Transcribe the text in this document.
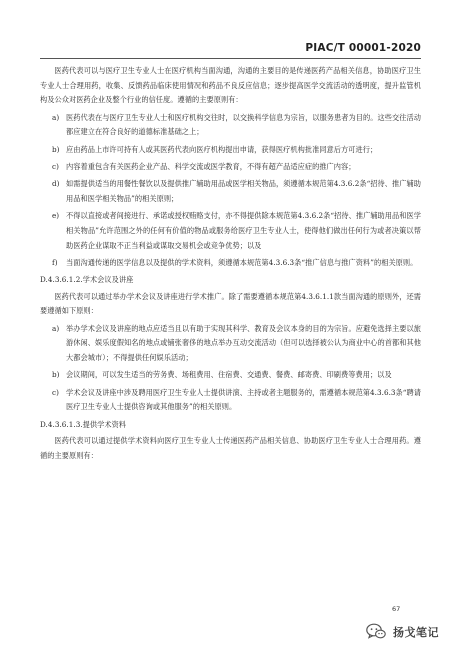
PIAC/T 00001-2020
医药代表可以与医疗卫生专业人士在医疗机构当面沟通，沟通的主要目的是传递医药产品相关信息，协助医疗卫生专业人士合理用药，收集、反馈药品临床使用情况和药品不良反应信息；逐步提高医学交流活动的透明度，提升监管机构及公众对医药企业及整个行业的信任度。遵循的主要原则有：
a) 医药代表在与医疗卫生专业人士和医疗机构交往时，以交换科学信息为宗旨，以服务患者为目的。这些交往活动都应建立在符合良好的道德标准基础之上；
b) 应由药品上市许可持有人或其医药代表向医疗机构提出申请，获得医疗机构批准同意后方可进行；
c) 内容着重包含有关医药企业产品、科学交流或医学教育，不得有超产品适应症的推广内容；
d) 如需提供适当的用餐性餐饮以及提供推广辅助用品或医学相关物品，须遵循本规范第4.3.6.2条“招待、推广辅助用品和医学相关物品”的相关原则；
e) 不得以直接或者间接进行、承诺或授权贿赂支付，亦不得提供除本规范第4.3.6.2条“招待、推广辅助用品和医学相关物品”允许范围之外的任何有价值的物品或服务给医疗卫生专业人士，使得他们做出任何行为或者决策以帮助医药企业谋取不正当利益或谋取交易机会或竞争优势；以及
f) 当面沟通传递的医学信息以及提供的学术资料，须遵循本规范第4.3.6.3条“推广信息与推广资料”的相关原则。
D.4.3.6.1.2.学术会议及讲座
医药代表可以通过举办学术会议及讲座进行学术推广。除了需要遵循本规范第4.3.6.1.1款当面沟通的原则外，还需要遵循如下原则：
a) 举办学术会议及讲座的地点应适当且以有助于实现其科学、教育及会议本身的目的为宗旨。应避免选择主要以旅游休闲、娱乐度假知名的地点或铺张奢侈的地点举办互动交流活动（但可以选择被公认为商业中心的首都和其他大都会城市）；不得提供任何娱乐活动；
b) 会议期间，可以发生适当的劳务费、场租费用、住宿费、交通费、餐费、邮寄费、印刷费等费用；以及
c) 学术会议及讲座中涉及聘用医疗卫生专业人士提供讲演、主持或者主题服务的，需遵循本规范第4.3.6.3条“聘请医疗卫生专业人士提供咨询或其他服务”的相关原则。
D.4.3.6.1.3.提供学术资料
医药代表可以通过提供学术资料向医疗卫生专业人士传递医药产品相关信息、协助医疗卫生专业人士合理用药。遵循的主要原则有：
67
扬戈笔记
